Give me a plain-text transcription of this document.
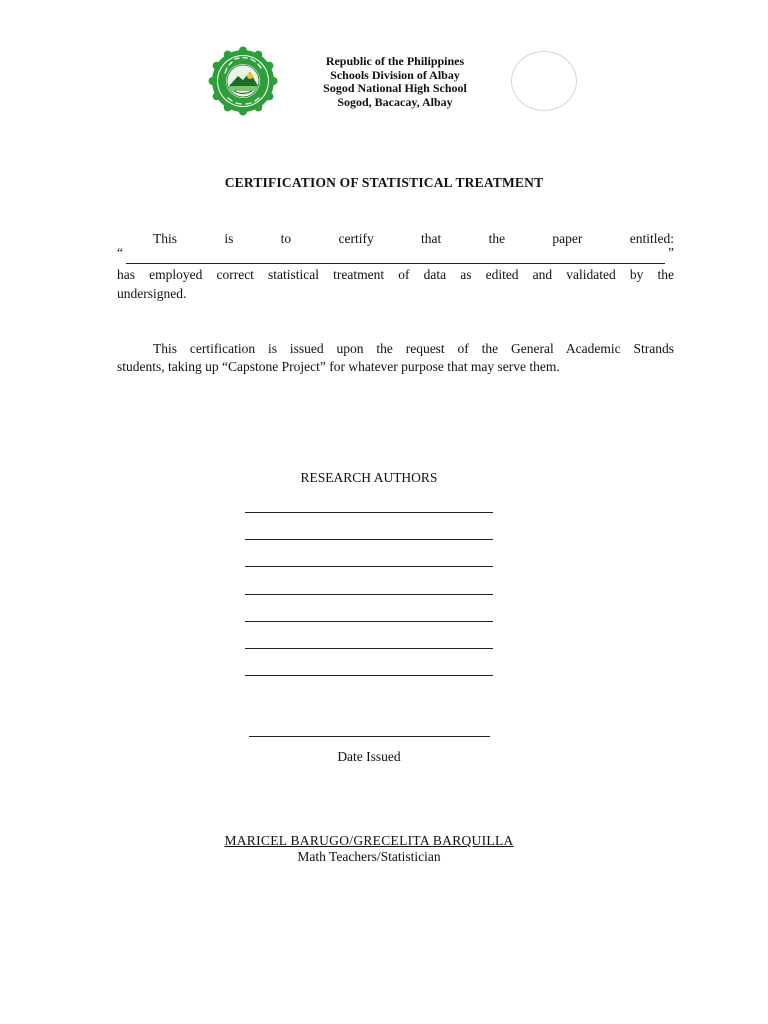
Republic of the Philippines
Schools Division of Albay
Sogod National High School
Sogod, Bacacay, Albay
CERTIFICATION OF STATISTICAL TREATMENT
This	is	to	certify	that	the	paper	entitled:
“	”
has employed correct statistical treatment of data as edited and validated by the
undersigned.
This certification is issued upon the request of the General Academic Strands
students, taking up “Capstone Project” for whatever purpose that may serve them.
RESEARCH AUTHORS
Date Issued
MARICEL BARUGO/GRECELITA BARQUILLA
Math Teachers/Statistician
